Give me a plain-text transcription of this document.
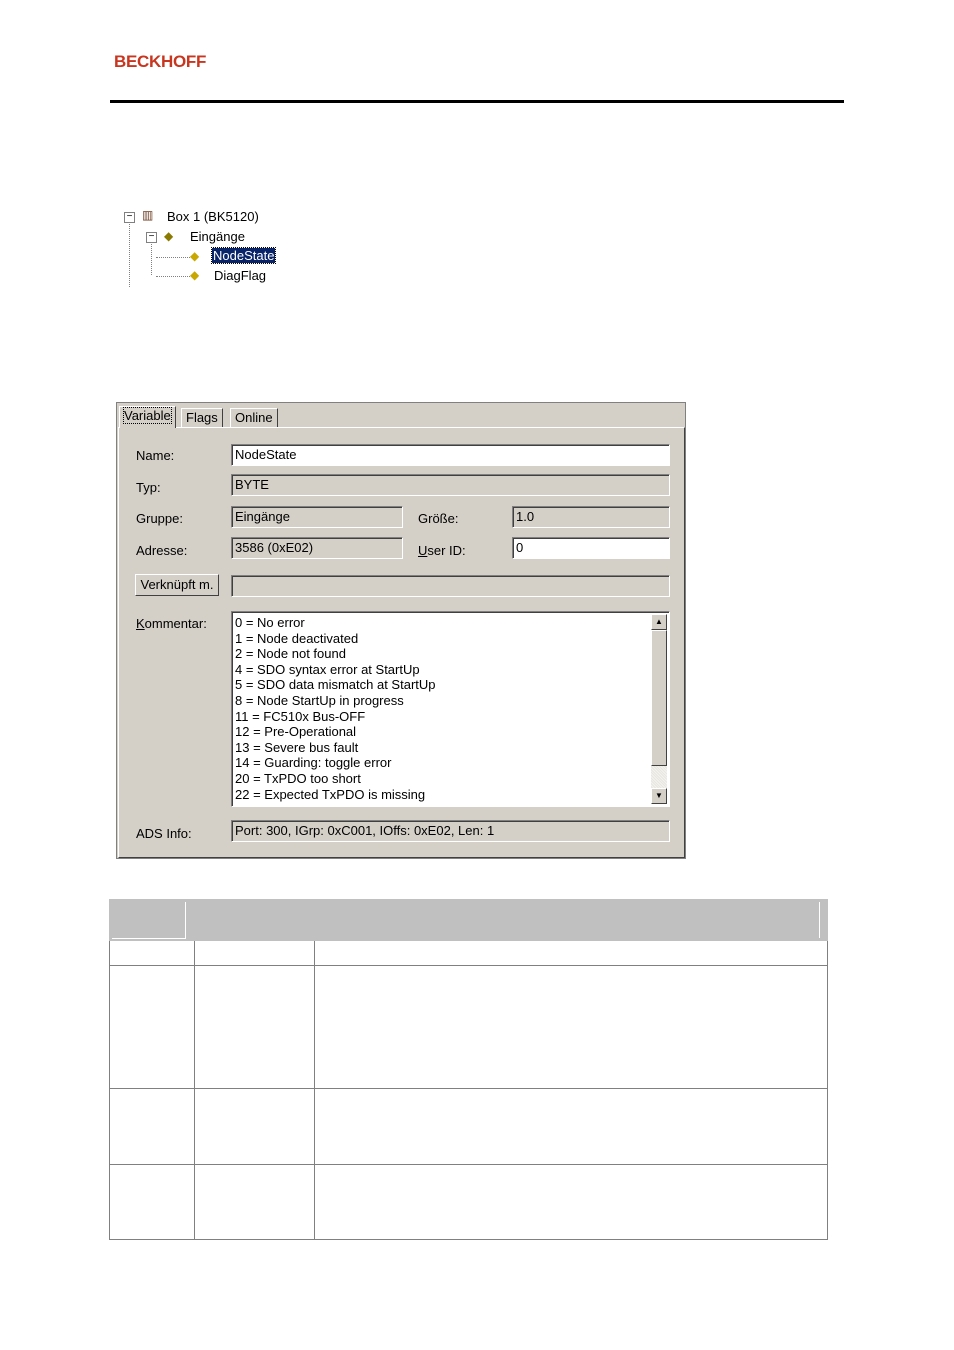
BECKHOFF
− ▥ Box 1 (BK5120)
− ◆ Eingänge
◆ NodeState
◆ DiagFlag
Variable	Flags	Online
Name:	NodeState
Typ:	BYTE
Gruppe:	Eingänge	Größe:	1.0
Adresse:	3586 (0xE02)	User ID:	0
Verknüpft m.
Kommentar: 0 = No error
1 = Node deactivated
2 = Node not found
4 = SDO syntax error at StartUp
5 = SDO data mismatch at StartUp
8 = Node StartUp in progress
11 = FC510x Bus-OFF
12 = Pre-Operational
13 = Severe bus fault
14 = Guarding: toggle error
20 = TxPDO too short
22 = Expected TxPDO is missing
▲
▼
ADS Info:	Port: 300, IGrp: 0xC001, IOffs: 0xE02, Len: 1
